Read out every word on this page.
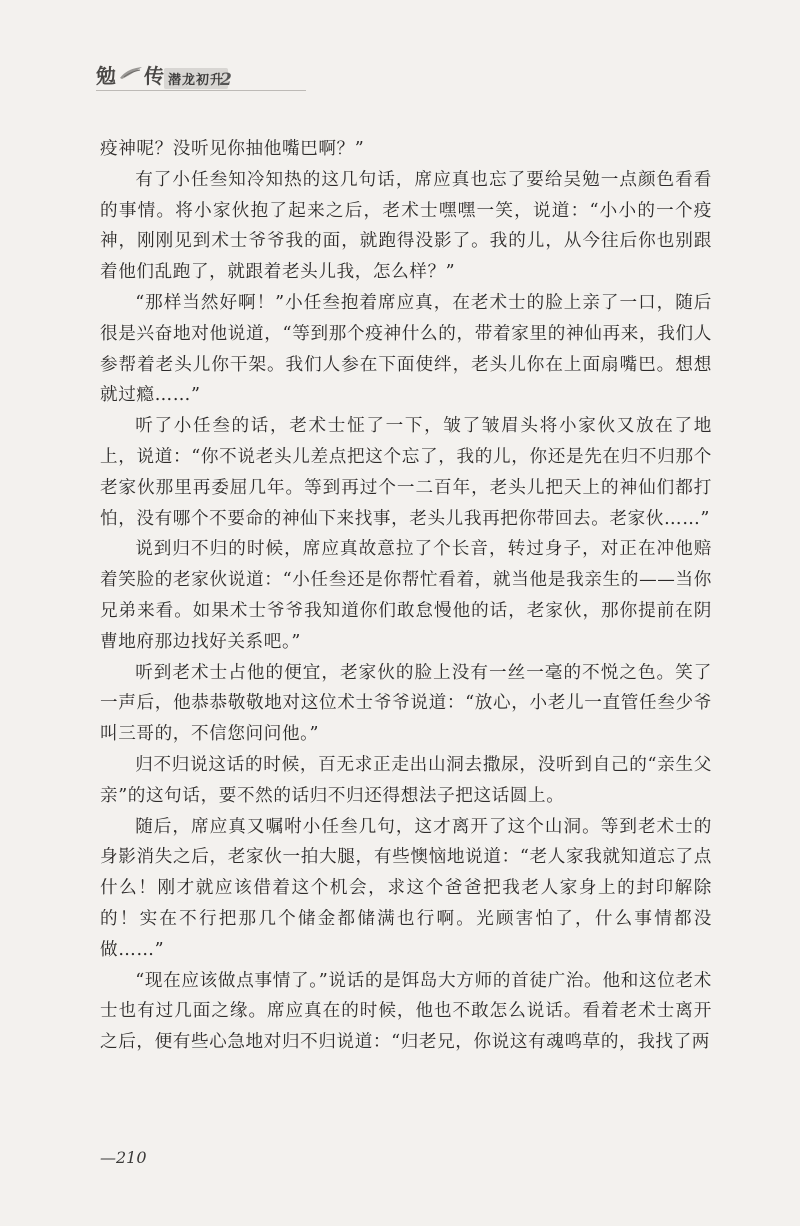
勉 传 潜龙初升
2

疫神呢？没听见你抽他嘴巴啊？”

有了小任叁知冷知热的这几句话，席应真也忘了要给吴勉一点颜色看看的事情。将小家伙抱了起来之后，老术士嘿嘿一笑，说道：“小小的一个疫神，刚刚见到术士爷爷我的面，就跑得没影了。我的儿，从今往后你也别跟着他们乱跑了，就跟着老头儿我，怎么样？”

“那样当然好啊！”小任叁抱着席应真，在老术士的脸上亲了一口，随后很是兴奋地对他说道，“等到那个疫神什么的，带着家里的神仙再来，我们人参帮着老头儿你干架。我们人参在下面使绊，老头儿你在上面扇嘴巴。想想就过瘾……”

听了小任叁的话，老术士怔了一下，皱了皱眉头将小家伙又放在了地上，说道：“你不说老头儿差点把这个忘了，我的儿，你还是先在归不归那个老家伙那里再委屈几年。等到再过个一二百年，老头儿把天上的神仙们都打怕，没有哪个不要命的神仙下来找事，老头儿我再把你带回去。老家伙……”

说到归不归的时候，席应真故意拉了个长音，转过身子，对正在冲他赔着笑脸的老家伙说道：“小任叁还是你帮忙看着，就当他是我亲生的——当你兄弟来看。如果术士爷爷我知道你们敢怠慢他的话，老家伙，那你提前在阴曹地府那边找好关系吧。”

听到老术士占他的便宜，老家伙的脸上没有一丝一毫的不悦之色。笑了一声后，他恭恭敬敬地对这位术士爷爷说道：“放心，小老儿一直管任叁少爷叫三哥的，不信您问问他。”

归不归说这话的时候，百无求正走出山洞去撒尿，没听到自己的“亲生父亲”的这句话，要不然的话归不归还得想法子把这话圆上。

随后，席应真又嘱咐小任叁几句，这才离开了这个山洞。等到老术士的身影消失之后，老家伙一拍大腿，有些懊恼地说道：“老人家我就知道忘了点什么！刚才就应该借着这个机会，求这个爸爸把我老人家身上的封印解除的！实在不行把那几个储金都储满也行啊。光顾害怕了，什么事情都没做……”

“现在应该做点事情了。”说话的是饵岛大方师的首徒广治。他和这位老术士也有过几面之缘。席应真在的时候，他也不敢怎么说话。看着老术士离开之后，便有些心急地对归不归说道：“归老兄，你说这有魂鸣草的，我找了两

—210
